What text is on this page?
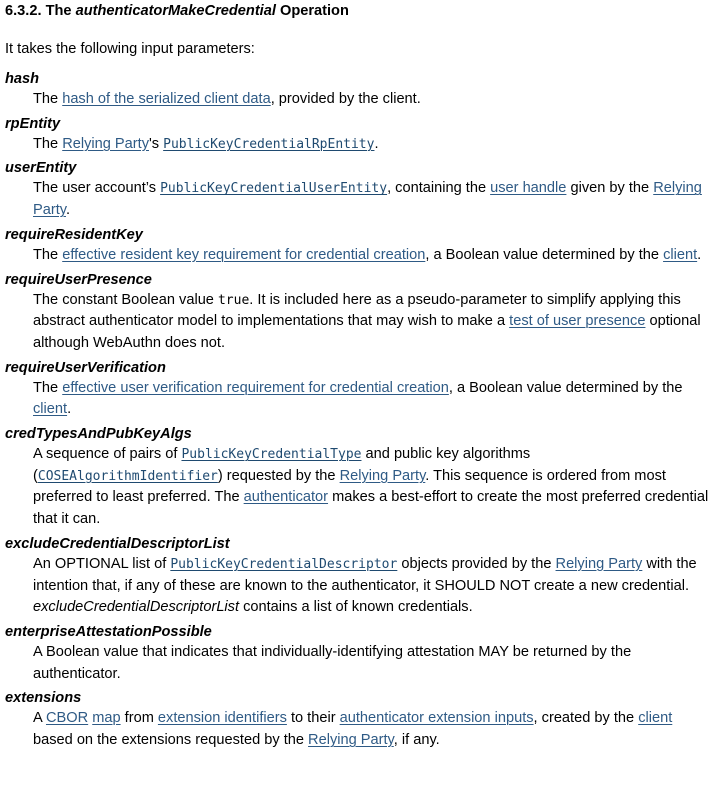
6.3.2. The authenticatorMakeCredential Operation

It takes the following input parameters:

hash
The hash of the serialized client data, provided by the client.
rpEntity
The Relying Party's PublicKeyCredentialRpEntity.
userEntity
The user account’s PublicKeyCredentialUserEntity, containing the user handle given by the Relying Party.
requireResidentKey
The effective resident key requirement for credential creation, a Boolean value determined by the client.
requireUserPresence
The constant Boolean value true. It is included here as a pseudo-parameter to simplify applying this abstract authenticator model to implementations that may wish to make a test of user presence optional although WebAuthn does not.
requireUserVerification
The effective user verification requirement for credential creation, a Boolean value determined by the client.
credTypesAndPubKeyAlgs
A sequence of pairs of PublicKeyCredentialType and public key algorithms (COSEAlgorithmIdentifier) requested by the Relying Party. This sequence is ordered from most preferred to least preferred. The authenticator makes a best-effort to create the most preferred credential that it can.
excludeCredentialDescriptorList
An OPTIONAL list of PublicKeyCredentialDescriptor objects provided by the Relying Party with the intention that, if any of these are known to the authenticator, it SHOULD NOT create a new credential. excludeCredentialDescriptorList contains a list of known credentials.
enterpriseAttestationPossible
A Boolean value that indicates that individually-identifying attestation MAY be returned by the authenticator.
extensions
A CBOR map from extension identifiers to their authenticator extension inputs, created by the client based on the extensions requested by the Relying Party, if any.
